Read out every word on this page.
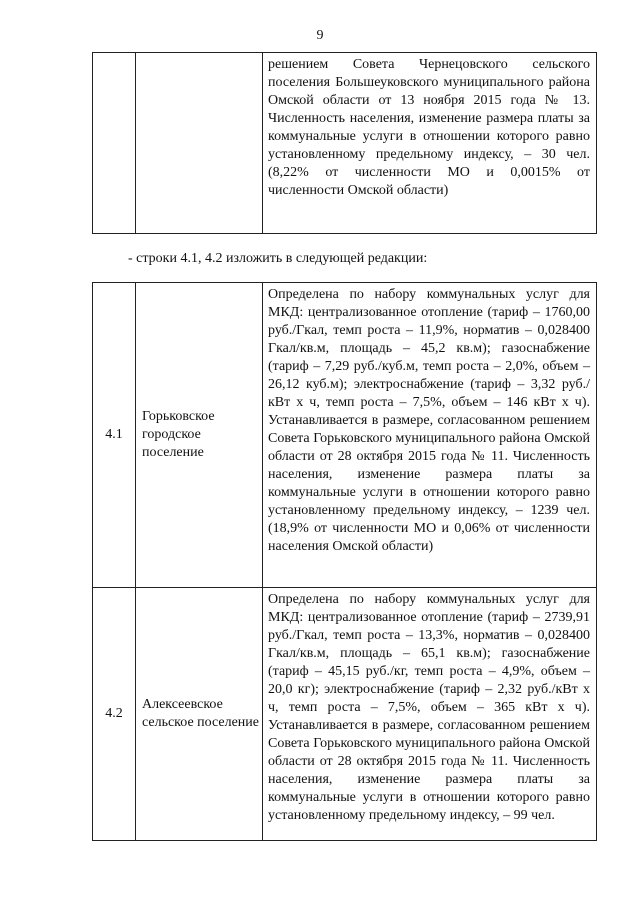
9

решением Совета Чернецовского сельского поселения Большеуковского муниципального района Омской области от 13 ноября 2015 года № 13. Численность населения, изменение размера платы за коммунальные услуги в отношении которого равно установленному предельному индексу, – 30 чел. (8,22% от численности МО и 0,0015% от численности Омской области)
- строки 4.1, 4.2 изложить в следующей редакции:
4.1	Горьковское городское поселение	Определена по набору коммунальных услуг для МКД: централизованное отопление (тариф – 1760,00 руб./Гкал, темп роста – 11,9%, норматив – 0,028400 Гкал/кв.м, площадь – 45,2 кв.м); газоснабжение (тариф – 7,29 руб./куб.м, темп роста – 2,0%, объем – 26,12 куб.м); электроснабжение (тариф – 3,32 руб./кВт х ч, темп роста – 7,5%, объем – 146 кВт х ч). Устанавливается в размере, согласованном решением Совета Горьковского муниципального района Омской области от 28 октября 2015 года № 11. Численность населения, изменение размера платы за коммунальные услуги в отношении которого равно установленному предельному индексу, – 1239 чел. (18,9% от численности МО и 0,06% от численности населения Омской области)

4.2	Алексеевское сельское поселение	Определена по набору коммунальных услуг для МКД: централизованное отопление (тариф – 2739,91 руб./Гкал, темп роста – 13,3%, норматив – 0,028400 Гкал/кв.м, площадь – 65,1 кв.м); газоснабжение (тариф – 45,15 руб./кг, темп роста – 4,9%, объем – 20,0 кг); электроснабжение (тариф – 2,32 руб./кВт х ч, темп роста – 7,5%, объем – 365 кВт х ч). Устанавливается в размере, согласованном решением Совета Горьковского муниципального района Омской области от 28 октября 2015 года № 11. Численность населения, изменение размера платы за коммунальные услуги в отношении которого равно установленному предельному индексу, – 99 чел.
